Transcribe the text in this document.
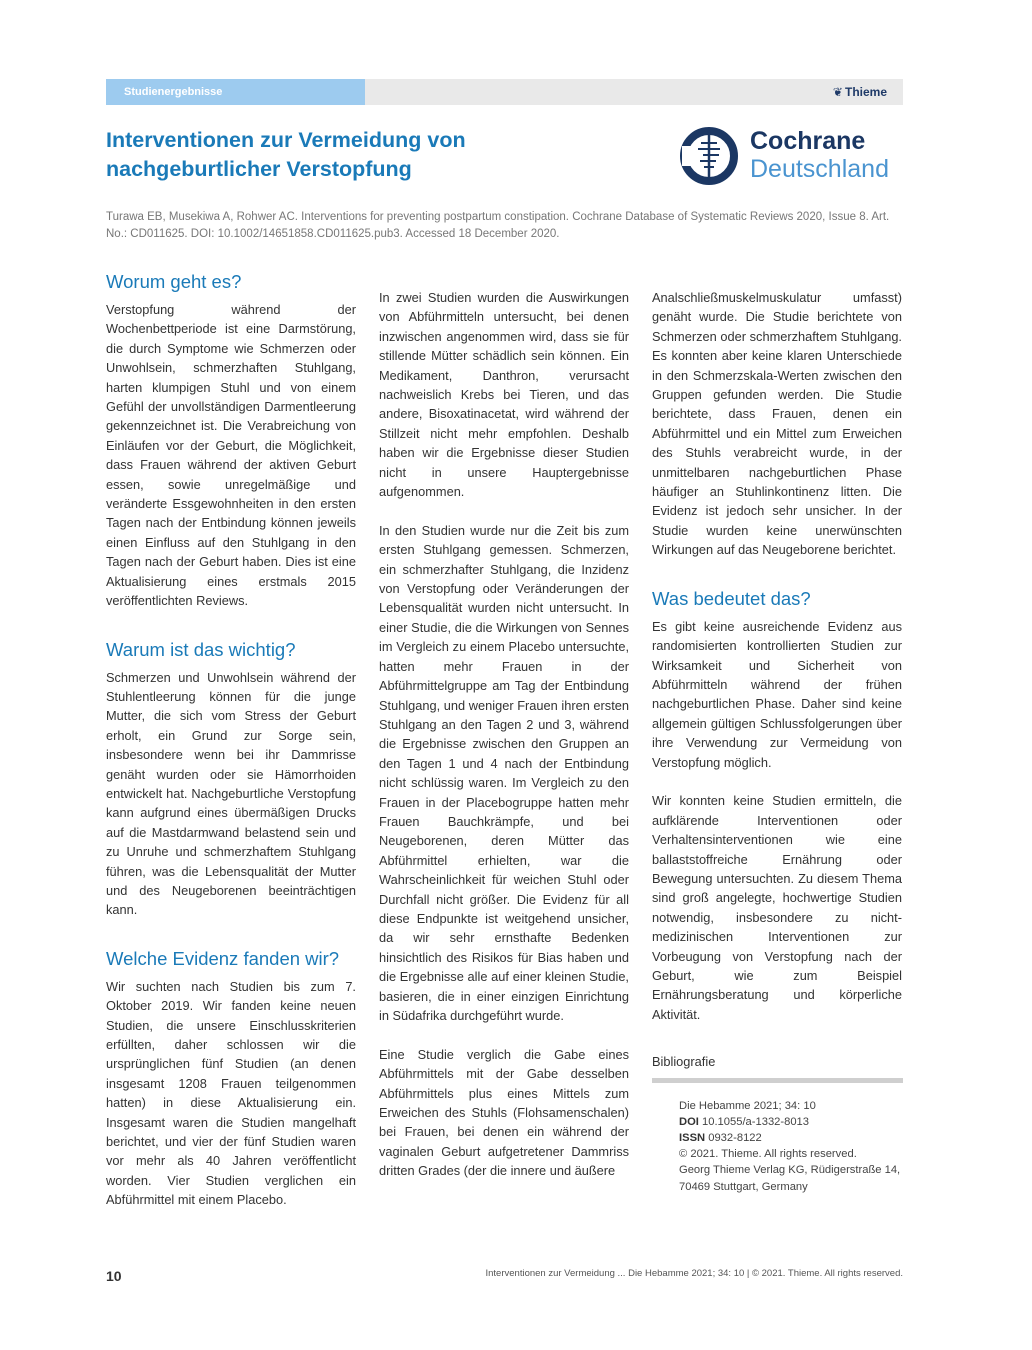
Studienergebnisse	❦ Thieme
Interventionen zur Vermeidung von
nachgeburtlicher Verstopfung
Cochrane
Deutschland

Turawa EB, Musekiwa A, Rohwer AC. Interventions for preventing postpartum constipation. Cochrane Database of Systematic Reviews 2020, Issue 8. Art. No.: CD011625. DOI: 10.1002/14651858.CD011625.pub3. Accessed 18 December 2020.

Worum geht es?

Verstopfung während der Wochenbettperiode ist eine Darmstörung, die durch Symptome wie Schmerzen oder Unwohlsein, schmerzhaften Stuhlgang, harten klumpigen Stuhl und von einem Gefühl der unvollständigen Darmentleerung gekennzeichnet ist. Die Verabreichung von Einläufen vor der Geburt, die Möglichkeit, dass Frauen während der aktiven Geburt essen, sowie unregelmäßige und veränderte Essgewohnheiten in den ersten Tagen nach der Entbindung können jeweils einen Einfluss auf den Stuhlgang in den Tagen nach der Geburt haben. Dies ist eine Aktualisierung eines erstmals 2015 veröffentlichten Reviews.

Warum ist das wichtig?

Schmerzen und Unwohlsein während der Stuhlentleerung können für die junge Mutter, die sich vom Stress der Geburt erholt, ein Grund zur Sorge sein, insbesondere wenn bei ihr Dammrisse genäht wurden oder sie Hämorrhoiden entwickelt hat. Nachgeburtliche Verstopfung kann aufgrund eines übermäßigen Drucks auf die Mastdarmwand belastend sein und zu Unruhe und schmerzhaftem Stuhlgang führen, was die Lebensqualität der Mutter und des Neugeborenen beeinträchtigen kann.

Welche Evidenz fanden wir?

Wir suchten nach Studien bis zum 7. Oktober 2019. Wir fanden keine neuen Studien, die unsere Einschlusskriterien erfüllten, daher schlossen wir die ursprünglichen fünf Studien (an denen insgesamt 1208 Frauen teilgenommen hatten) in diese Aktualisierung ein. Insgesamt waren die Studien mangelhaft berichtet, und vier der fünf Studien waren vor mehr als 40 Jahren veröffentlicht worden. Vier Studien verglichen ein Abführmittel mit einem Placebo.

In zwei Studien wurden die Auswirkungen von Abführmitteln untersucht, bei denen inzwischen angenommen wird, dass sie für stillende Mütter schädlich sein können. Ein Medikament, Danthron, verursacht nachweislich Krebs bei Tieren, und das andere, Bisoxatinacetat, wird während der Stillzeit nicht mehr empfohlen. Deshalb haben wir die Ergebnisse dieser Studien nicht in unsere Hauptergebnisse aufgenommen.

In den Studien wurde nur die Zeit bis zum ersten Stuhlgang gemessen. Schmerzen, ein schmerzhafter Stuhlgang, die Inzidenz von Verstopfung oder Veränderungen der Lebensqualität wurden nicht untersucht. In einer Studie, die die Wirkungen von Sennes im Vergleich zu einem Placebo untersuchte, hatten mehr Frauen in der Abführmittelgruppe am Tag der Entbindung Stuhlgang, und weniger Frauen ihren ersten Stuhlgang an den Tagen 2 und 3, während die Ergebnisse zwischen den Gruppen an den Tagen 1 und 4 nach der Entbindung nicht schlüssig waren. Im Vergleich zu den Frauen in der Placebogruppe hatten mehr Frauen Bauchkrämpfe, und bei Neugeborenen, deren Mütter das Abführmittel erhielten, war die Wahrscheinlichkeit für weichen Stuhl oder Durchfall nicht größer. Die Evidenz für all diese Endpunkte ist weitgehend unsicher, da wir sehr ernsthafte Bedenken hinsichtlich des Risikos für Bias haben und die Ergebnisse alle auf einer kleinen Studie, basieren, die in einer einzigen Einrichtung in Südafrika durchgeführt wurde.

Eine Studie verglich die Gabe eines Abführmittels mit der Gabe desselben Abführmittels plus eines Mittels zum Erweichen des Stuhls (Flohsamenschalen) bei Frauen, bei denen ein während der vaginalen Geburt aufgetretener Dammriss dritten Grades (der die innere und äußere

Analschließmuskelmuskulatur umfasst) genäht wurde. Die Studie berichtete von Schmerzen oder schmerzhaftem Stuhlgang. Es konnten aber keine klaren Unterschiede in den Schmerzskala-Werten zwischen den Gruppen gefunden werden. Die Studie berichtete, dass Frauen, denen ein Abführmittel und ein Mittel zum Erweichen des Stuhls verabreicht wurde, in der unmittelbaren nachgeburtlichen Phase häufiger an Stuhlinkontinenz litten. Die Evidenz ist jedoch sehr unsicher. In der Studie wurden keine unerwünschten Wirkungen auf das Neugeborene berichtet.

Was bedeutet das?

Es gibt keine ausreichende Evidenz aus randomisierten kontrollierten Studien zur Wirksamkeit und Sicherheit von Abführmitteln während der frühen nachgeburtlichen Phase. Daher sind keine allgemein gültigen Schlussfolgerungen über ihre Verwendung zur Vermeidung von Verstopfung möglich.

Wir konnten keine Studien ermitteln, die aufklärende Interventionen oder Verhaltensinterventionen wie eine ballaststoffreiche Ernährung oder Bewegung untersuchten. Zu diesem Thema sind groß angelegte, hochwertige Studien notwendig, insbesondere zu nicht-medizinischen Interventionen zur Vorbeugung von Verstopfung nach der Geburt, wie zum Beispiel Ernährungsberatung und körperliche Aktivität.

Bibliografie

Die Hebamme 2021; 34: 10
DOI 10.1055/a-1332-8013
ISSN 0932-8122
© 2021. Thieme. All rights reserved.
Georg Thieme Verlag KG, Rüdigerstraße 14,
70469 Stuttgart, Germany
10	Interventionen zur Vermeidung ... Die Hebamme 2021; 34: 10 | © 2021. Thieme. All rights reserved.
